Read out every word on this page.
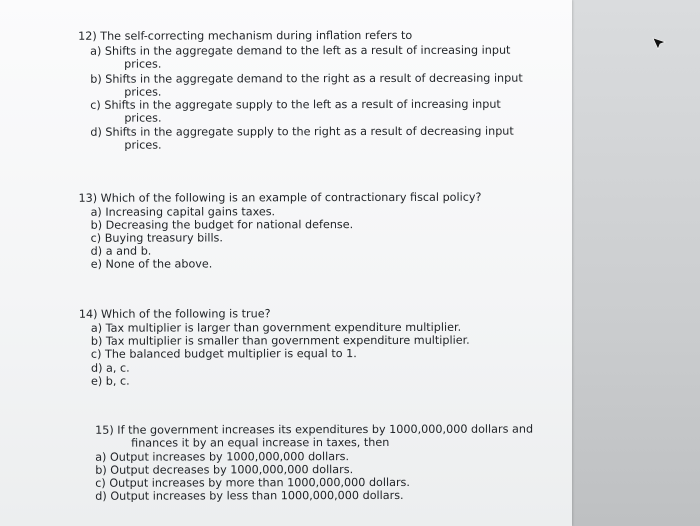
12) The self-correcting mechanism during inflation refers to
a) Shifts in the aggregate demand to the left as a result of increasing input
prices.
b) Shifts in the aggregate demand to the right as a result of decreasing input
prices.
c) Shifts in the aggregate supply to the left as a result of increasing input
prices.
d) Shifts in the aggregate supply to the right as a result of decreasing input
prices.
13) Which of the following is an example of contractionary fiscal policy?
a) Increasing capital gains taxes.
b) Decreasing the budget for national defense.
c) Buying treasury bills.
d) a and b.
e) None of the above.
14) Which of the following is true?
a) Tax multiplier is larger than government expenditure multiplier.
b) Tax multiplier is smaller than government expenditure multiplier.
c) The balanced budget multiplier is equal to 1.
d) a, c.
e) b, c.
15) If the government increases its expenditures by 1000,000,000 dollars and
finances it by an equal increase in taxes, then
a) Output increases by 1000,000,000 dollars.
b) Output decreases by 1000,000,000 dollars.
c) Output increases by more than 1000,000,000 dollars.
d) Output increases by less than 1000,000,000 dollars.
